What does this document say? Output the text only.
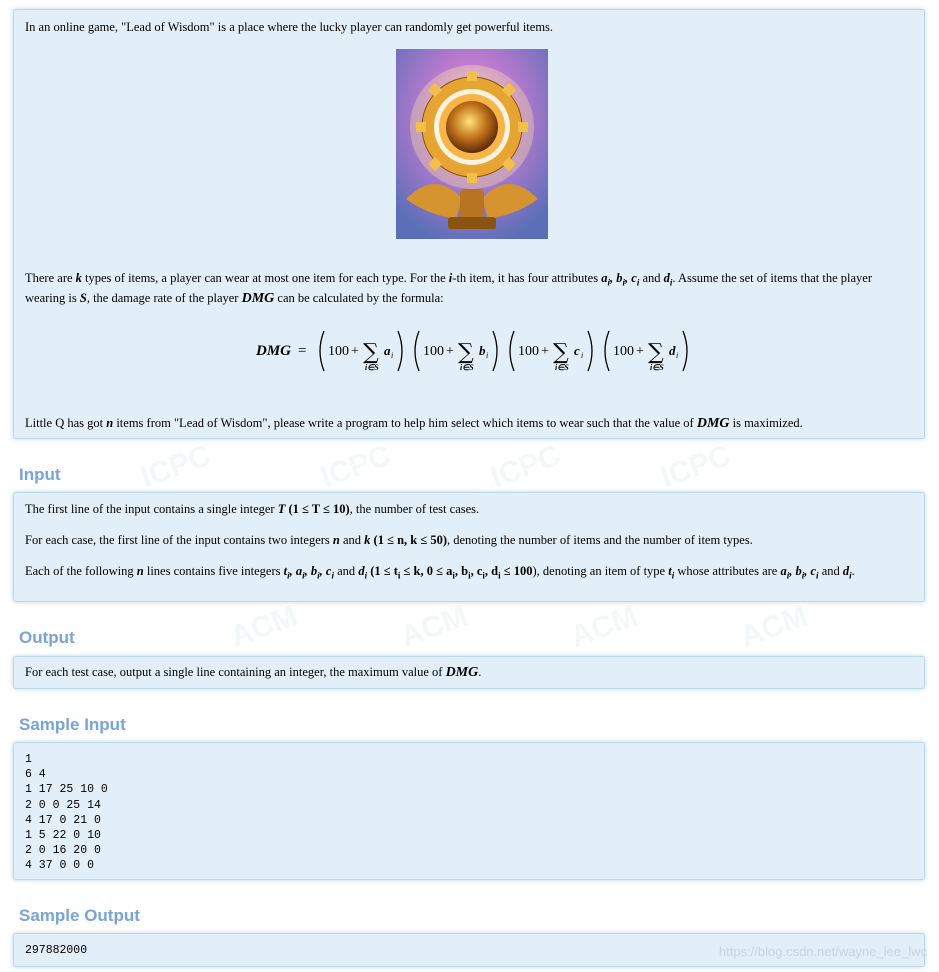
ICPC	ICPC	ICPC	ICPC
ACM	ACM	ACM	ACM
In an online game, "Lead of Wisdom" is a place where the lucky player can randomly get powerful items.
There are k types of items, a player can wear at most one item for each type. For the i-th item, it has four attributes $a_i$, $b_i$, $c_i$ and $d_i$. Assume the set of items that the player wearing is S, the damage rate of the player DMG can be calculated by the formula:
DMG = 100 + ∑
i∈S
a i 100 + ∑
i∈S
b i 100 + ∑
i∈S
c i 100 + ∑
i∈S
d i
Little Q has got n items from "Lead of Wisdom", please write a program to help him select which items to wear such that the value of DMG is maximized.
Input
The first line of the input contains a single integer T (1 ≤ T ≤ 10), the number of test cases.
For each case, the first line of the input contains two integers n and k (1 ≤ n, k ≤ 50), denoting the number of items and the number of item types.
Each of the following n lines contains five integers $t_i$, $a_i$, $b_i$, $c_i$ and $d_i$ ($1 \le t_i \le k$, $0 \le a_i$, $b_i$, $c_i$, $d_i \le 100$), denoting an item of type $t_i$ whose attributes are $a_i$, $b_i$, $c_i$ and $d_i$.
Output
For each test case, output a single line containing an integer, the maximum value of DMG.
Sample Input
1
6 4
1 17 25 10 0
2 0 0 25 14
4 17 0 21 0
1 5 22 0 10
2 0 16 20 0
4 37 0 0 0
Sample Output
297882000	https://blog.csdn.net/wayne_lee_lwc
